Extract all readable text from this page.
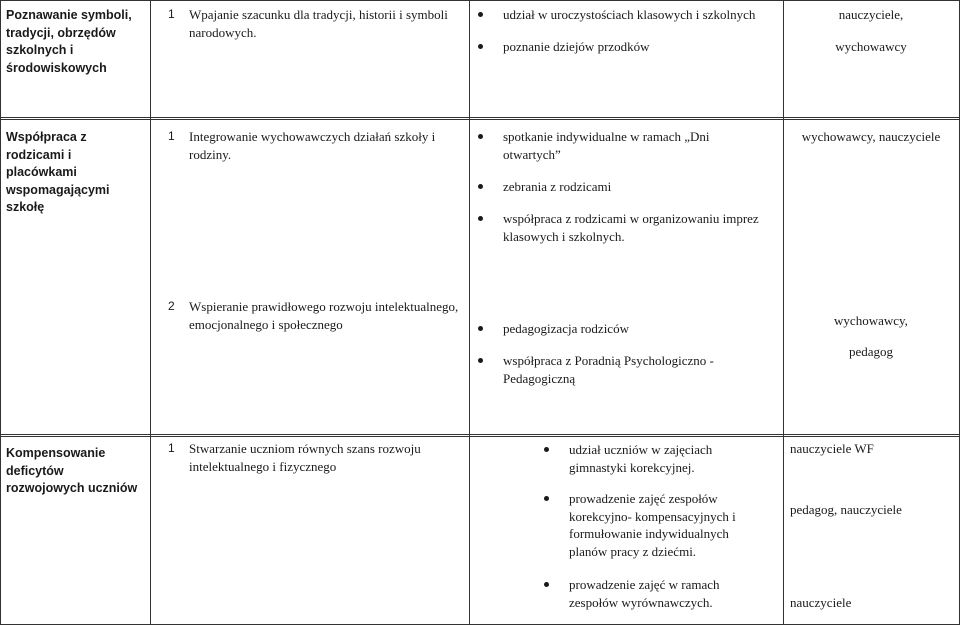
Poznawanie symboli, tradycji, obrzędów szkolnych i środowiskowych
1 Wpajanie szacunku dla tradycji, historii i symboli narodowych.
udział w uroczystościach klasowych i szkolnych
poznanie dziejów przodków
nauczyciele,
wychowawcy
Współpraca z rodzicami i placówkami wspomagającymi szkołę
1 Integrowanie wychowawczych działań szkoły i rodziny.
spotkanie indywidualne w ramach „Dni otwartych”
zebrania z rodzicami
współpraca z rodzicami w organizowaniu imprez klasowych i szkolnych.
wychowawcy, nauczyciele
2 Wspieranie prawidłowego rozwoju intelektualnego, emocjonalnego i społecznego	pedagogizacja rodziców
współpraca z Poradnią Psychologiczno - Pedagogiczną
wychowawcy,
pedagog
Kompensowanie deficytów rozwojowych uczniów
1 Stwarzanie uczniom równych szans rozwoju intelektualnego i fizycznego
udział uczniów w zajęciach gimnastyki korekcyjnej.
prowadzenie zajęć zespołów korekcyjno- kompensacyjnych i formułowanie indywidualnych planów pracy z dziećmi.
prowadzenie zajęć w ramach zespołów wyrównawczych.
nauczyciele WF
pedagog, nauczyciele
nauczyciele
